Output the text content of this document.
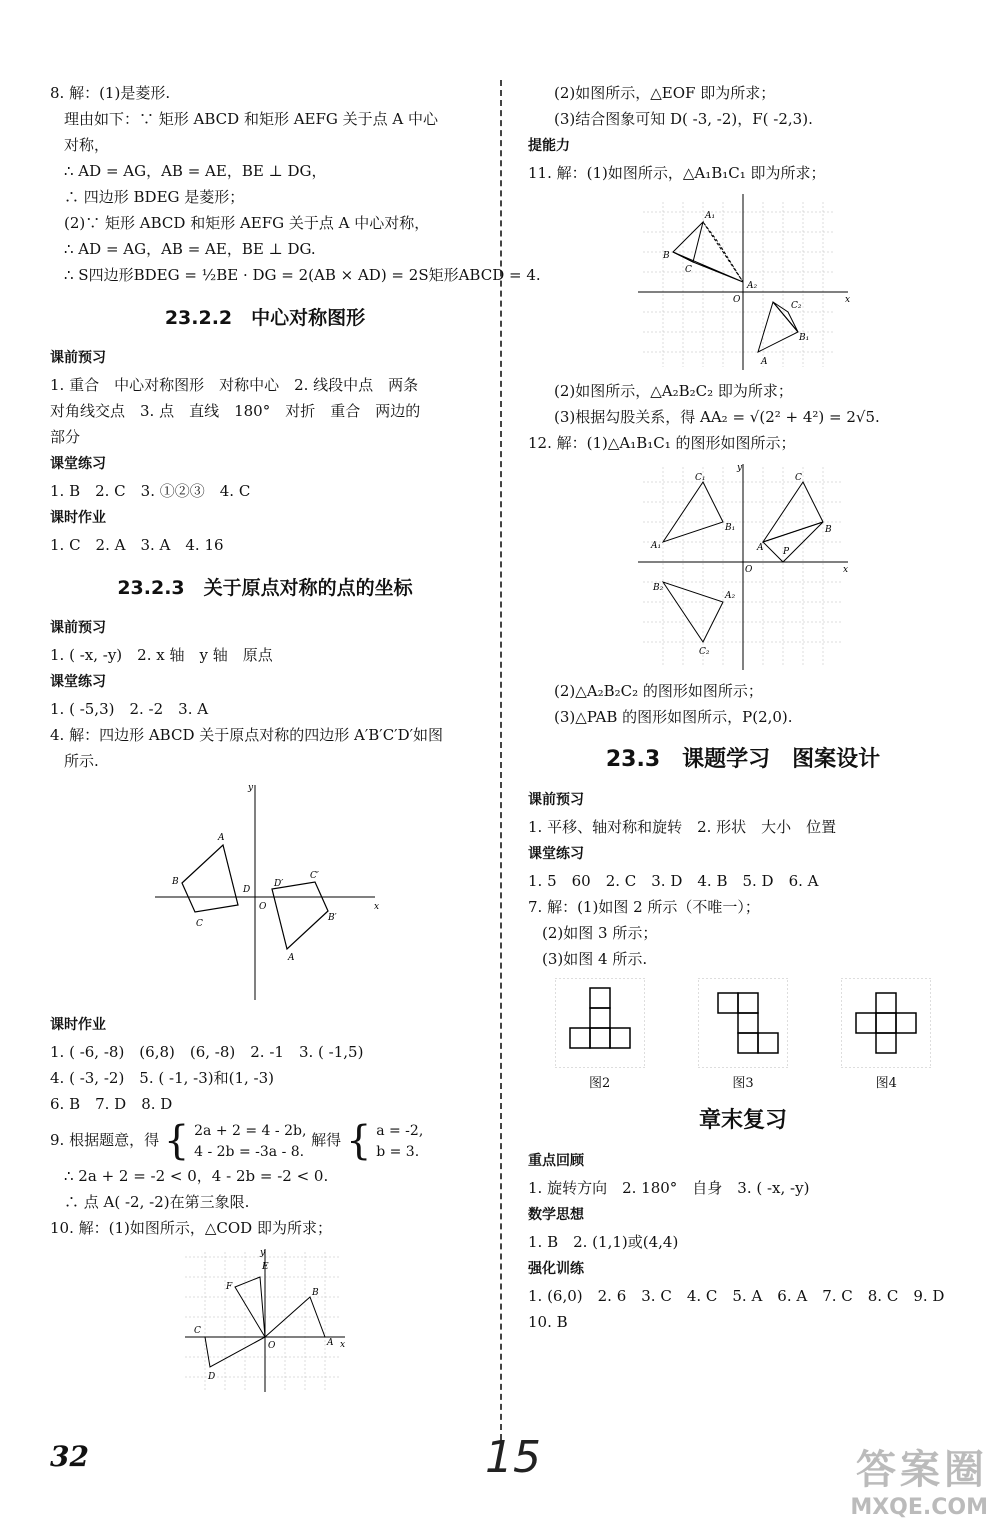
8. 解：(1)是菱形.
理由如下：∵ 矩形 ABCD 和矩形 AEFG 关于点 A 中心
对称，
∴ AD = AG，AB = AE，BE ⊥ DG，
∴ 四边形 BDEG 是菱形；
(2)∵ 矩形 ABCD 和矩形 AEFG 关于点 A 中心对称，
∴ AD = AG，AB = AE，BE ⊥ DG.
∴ S四边形BDEG = ½BE · DG = 2(AB × AD) = 2S矩形ABCD = 4.
23.2.2　中心对称图形
课前预习
1. 重合　中心对称图形　对称中心　2. 线段中点　两条
对角线交点　3. 点　直线　180°　对折　重合　两边的
部分
课堂练习
1. B　2. C　3. ①②③　4. C
课时作业
1. C　2. A　3. A　4. 16
23.2.3　关于原点对称的点的坐标
课前预习
1. ( -x, -y)　2. x 轴　y 轴　原点
课堂练习
1. ( -5,3)　2. -2　3. A
4. 解：四边形 ABCD 关于原点对称的四边形 A′B′C′D′如图
所示.
A
B
C
D
A
B′
C′
D′
O	x
y
课时作业
1. ( -6, -8)　(6,8)　(6, -8)　2. -1　3. ( -1,5)
4. ( -3, -2)　5. ( -1, -3)和(1, -3)
6. B　7. D　8. D
9. 根据题意，得 { 2a + 2 = 4 - 2b,
4 - 2b = -3a - 8. 解得 { a = -2,
b = 3.
∴ 2a + 2 = -2 < 0，4 - 2b = -2 < 0.
∴ 点 A( -2, -2)在第三象限.
10. 解：(1)如图所示，△COD 即为所求；
C
D
F
E
B
A
O	x
y
(2)如图所示，△EOF 即为所求；
(3)结合图象可知 D( -3, -2)，F( -2,3).
提能力
11. 解：(1)如图所示，△A₁B₁C₁ 即为所求；
A₁
B
C
A₂
O	x
C₂
B₁
A
(2)如图所示，△A₂B₂C₂ 即为所求；
(3)根据勾股关系，得 AA₂ = √(2² + 4²) = 2√5.
12. 解：(1)△A₁B₁C₁ 的图形如图所示；
C₁	C
B₁	B
A₁	A P
O	x
y
B₂
C₂
A₂
(2)△A₂B₂C₂ 的图形如图所示；
(3)△PAB 的图形如图所示，P(2,0).
23.3　课题学习　图案设计
课前预习
1. 平移、轴对称和旋转　2. 形状　大小　位置
课堂练习
1. 5　60　2. C　3. D　4. B　5. D　6. A
7. 解：(1)如图 2 所示（不唯一）；
(2)如图 3 所示；
(3)如图 4 所示.
图2	图3	图4
章末复习
重点回顾
1. 旋转方向　2. 180°　自身　3. ( -x, -y)
数学思想
1. B　2. (1,1)或(4,4)
强化训练
1. (6,0)　2. 6　3. C　4. C　5. A　6. A　7. C　8. C　9. D
10. B
32	15	答案圈
MXQE.COM
